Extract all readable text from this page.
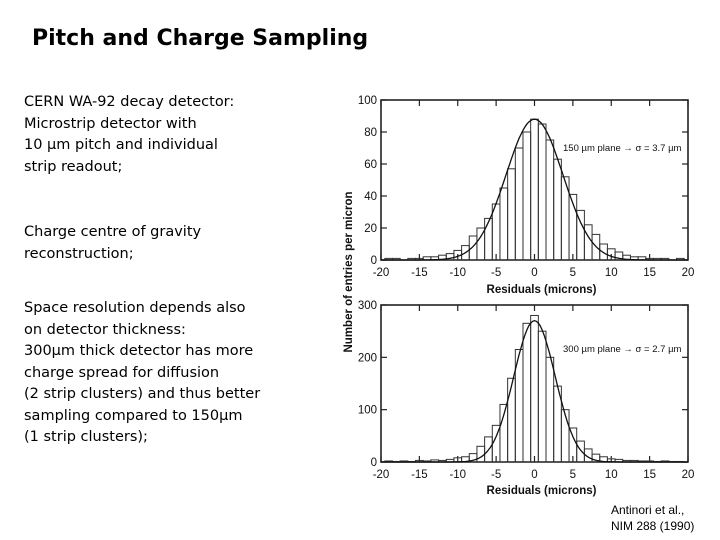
Pitch and Charge Sampling
CERN WA-92 decay detector:
Microstrip detector with
10 µm pitch and individual
strip readout;
Charge centre of gravity
reconstruction;
Space resolution depends also
on detector thickness:
300µm thick detector has more
charge spread for diffusion
(2 strip clusters) and thus better
sampling compared to 150µm
(1 strip clusters);
Number of entries per micron 0
20
40
60
80
100
-20 -15 -10 -5	0	5	10 15 20
150 µm plane → σ = 3.7 µm
Residuals (microns)
0
100
200
300
-20 -15 -10 -5	0	5	10 15 20
300 µm plane → σ = 2.7 µm
Residuals (microns)
Antinori et al.,
NIM 288 (1990)
